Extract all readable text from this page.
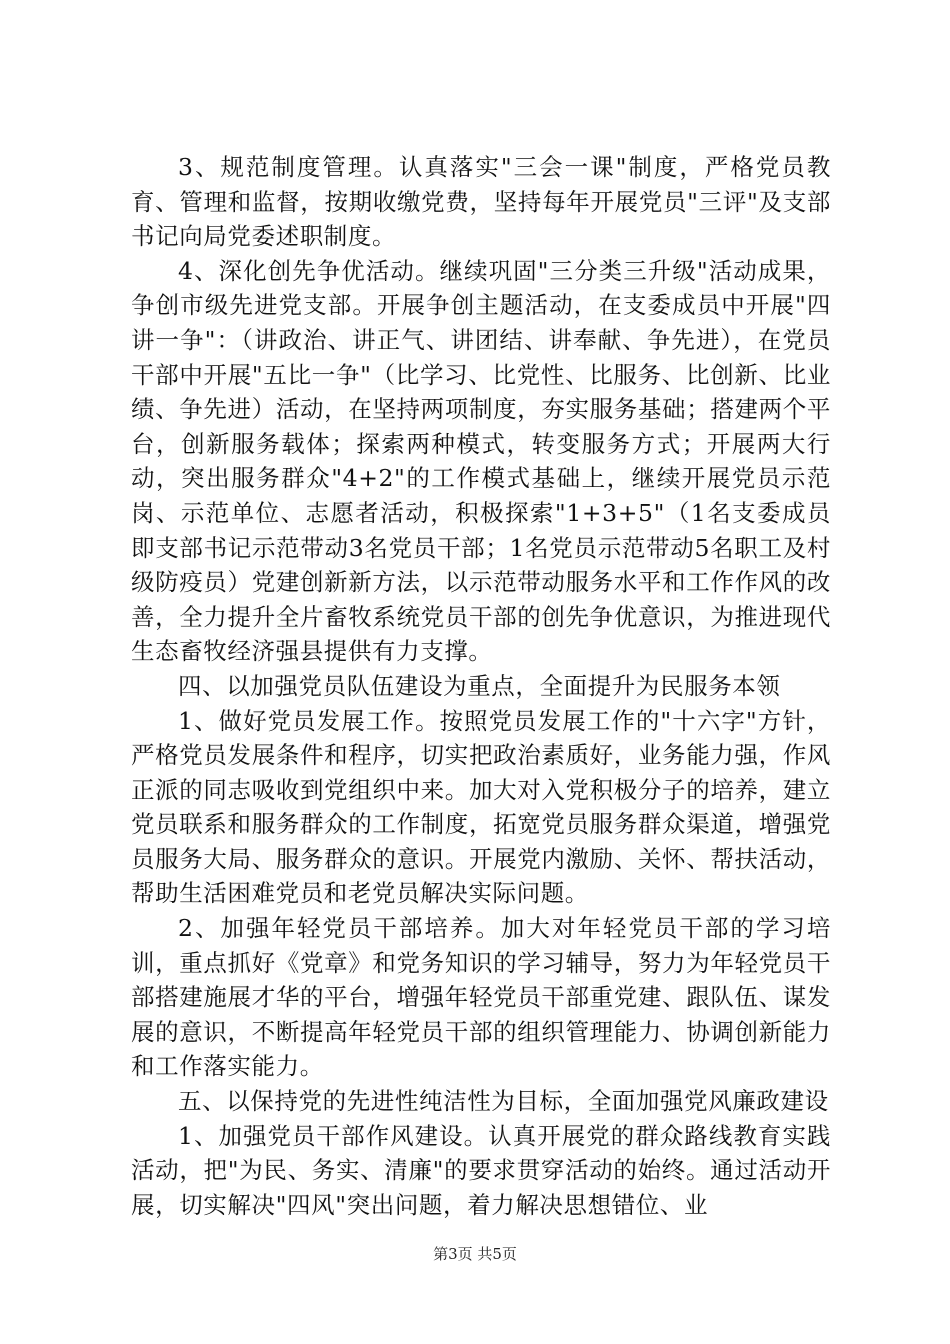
3、规范制度管理。认真落实"三会一课"制度，严格党员教育、管理和监督，按期收缴党费，坚持每年开展党员"三评"及支部书记向局党委述职制度。

4、深化创先争优活动。继续巩固"三分类三升级"活动成果，争创市级先进党支部。开展争创主题活动，在支委成员中开展"四讲一争"：（讲政治、讲正气、讲团结、讲奉献、争先进），在党员干部中开展"五比一争"（比学习、比党性、比服务、比创新、比业绩、争先进）活动，在坚持两项制度，夯实服务基础；搭建两个平台，创新服务载体；探索两种模式，转变服务方式；开展两大行动，突出服务群众"4+2"的工作模式基础上，继续开展党员示范岗、示范单位、志愿者活动，积极探索"1+3+5"（1名支委成员即支部书记示范带动3名党员干部；1名党员示范带动5名职工及村级防疫员）党建创新新方法，以示范带动服务水平和工作作风的改善，全力提升全片畜牧系统党员干部的创先争优意识，为推进现代生态畜牧经济强县提供有力支撑。

四、以加强党员队伍建设为重点，全面提升为民服务本领

1、做好党员发展工作。按照党员发展工作的"十六字"方针，严格党员发展条件和程序，切实把政治素质好，业务能力强，作风正派的同志吸收到党组织中来。加大对入党积极分子的培养，建立党员联系和服务群众的工作制度，拓宽党员服务群众渠道，增强党员服务大局、服务群众的意识。开展党内激励、关怀、帮扶活动，帮助生活困难党员和老党员解决实际问题。

2、加强年轻党员干部培养。加大对年轻党员干部的学习培训，重点抓好《党章》和党务知识的学习辅导，努力为年轻党员干部搭建施展才华的平台，增强年轻党员干部重党建、跟队伍、谋发展的意识，不断提高年轻党员干部的组织管理能力、协调创新能力和工作落实能力。

五、以保持党的先进性纯洁性为目标，全面加强党风廉政建设

1、加强党员干部作风建设。认真开展党的群众路线教育实践活动，把"为民、务实、清廉"的要求贯穿活动的始终。通过活动开展，切实解决"四风"突出问题，着力解决思想错位、业

第3页 共5页
